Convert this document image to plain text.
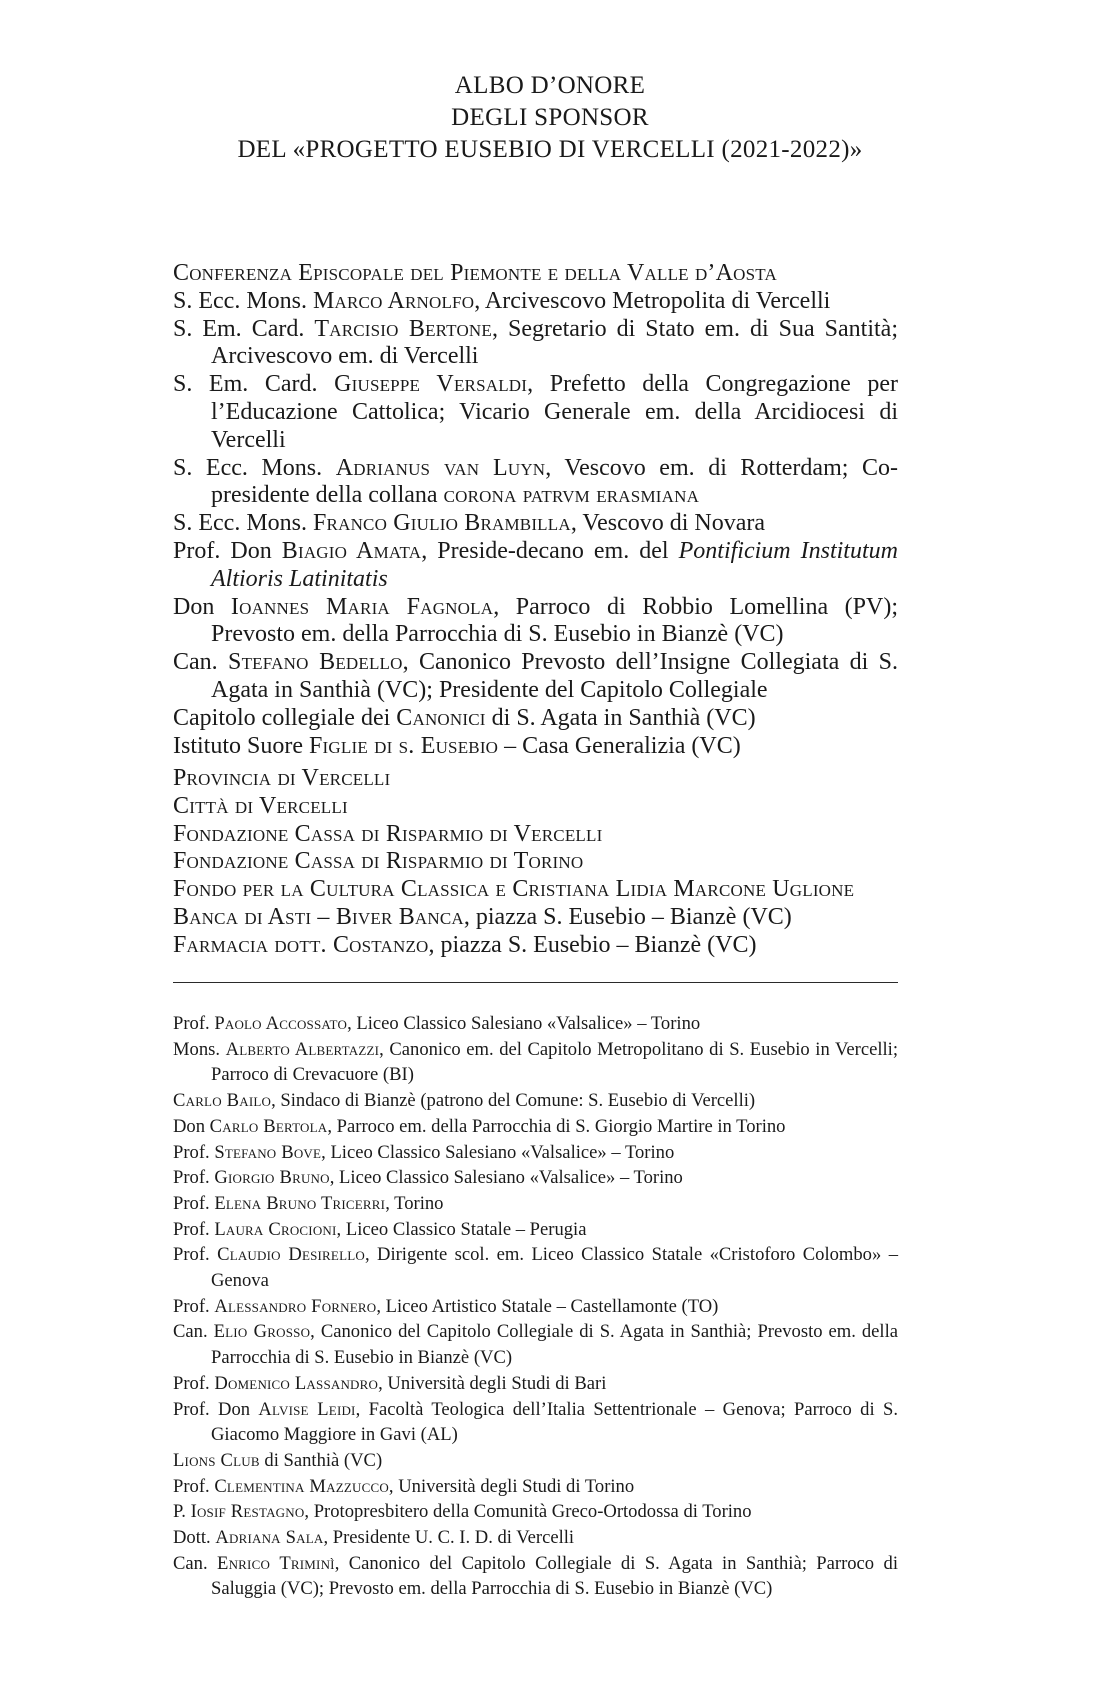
ALBO D’ONORE
DEGLI SPONSOR
DEL «PROGETTO EUSEBIO DI VERCELLI (2021-2022)»
Conferenza Episcopale del Piemonte e della Valle d’Aosta
S. Ecc. Mons. Marco Arnolfo, Arcivescovo Metropolita di Vercelli
S. Em. Card. Tarcisio Bertone, Segretario di Stato em. di Sua Santità; Arcivescovo em. di Vercelli
S. Em. Card. Giuseppe Versaldi, Prefetto della Congregazione per l’Educazione Cattolica; Vicario Generale em. della Arcidiocesi di Vercelli
S. Ecc. Mons. Adrianus van Luyn, Vescovo em. di Rotterdam; Co-presidente della collana corona patrvm erasmiana
S. Ecc. Mons. Franco Giulio Brambilla, Vescovo di Novara
Prof. Don Biagio Amata, Preside-decano em. del Pontificium Institutum Altioris Latinitatis
Don Ioannes Maria Fagnola, Parroco di Robbio Lomellina (PV); Prevosto em. della Parrocchia di S. Eusebio in Bianzè (VC)
Can. Stefano Bedello, Canonico Prevosto dell’Insigne Collegiata di S. Agata in Santhià (VC); Presidente del Capitolo Collegiale
Capitolo collegiale dei Canonici di S. Agata in Santhià (VC)
Istituto Suore Figlie di s. Eusebio – Casa Generalizia (VC)
Provincia di Vercelli
Città di Vercelli
Fondazione Cassa di Risparmio di Vercelli
Fondazione Cassa di Risparmio di Torino
Fondo per la Cultura Classica e Cristiana Lidia Marcone Uglione
Banca di Asti – Biver Banca, piazza S. Eusebio – Bianzè (VC)
Farmacia dott. Costanzo, piazza S. Eusebio – Bianzè (VC)
Prof. Paolo Accossato, Liceo Classico Salesiano «Valsalice» – Torino
Mons. Alberto Albertazzi, Canonico em. del Capitolo Metropolitano di S. Eusebio in Vercelli; Parroco di Crevacuore (BI)
Carlo Bailo, Sindaco di Bianzè (patrono del Comune: S. Eusebio di Vercelli)
Don Carlo Bertola, Parroco em. della Parrocchia di S. Giorgio Martire in Torino
Prof. Stefano Bove, Liceo Classico Salesiano «Valsalice» – Torino
Prof. Giorgio Bruno, Liceo Classico Salesiano «Valsalice» – Torino
Prof. Elena Bruno Tricerri, Torino
Prof. Laura Crocioni, Liceo Classico Statale – Perugia
Prof. Claudio Desirello, Dirigente scol. em. Liceo Classico Statale «Cristoforo Colombo» – Genova
Prof. Alessandro Fornero, Liceo Artistico Statale – Castellamonte (TO)
Can. Elio Grosso, Canonico del Capitolo Collegiale di S. Agata in Santhià; Prevosto em. della Parrocchia di S. Eusebio in Bianzè (VC)
Prof. Domenico Lassandro, Università degli Studi di Bari
Prof. Don Alvise Leidi, Facoltà Teologica dell’Italia Settentrionale – Genova; Parroco di S. Giacomo Maggiore in Gavi (AL)
Lions Club di Santhià (VC)
Prof. Clementina Mazzucco, Università degli Studi di Torino
P. Iosif Restagno, Protopresbitero della Comunità Greco-Ortodossa di Torino
Dott. Adriana Sala, Presidente U. C. I. D. di Vercelli
Can. Enrico Triminì, Canonico del Capitolo Collegiale di S. Agata in Santhià; Parroco di Saluggia (VC); Prevosto em. della Parrocchia di S. Eusebio in Bianzè (VC)
